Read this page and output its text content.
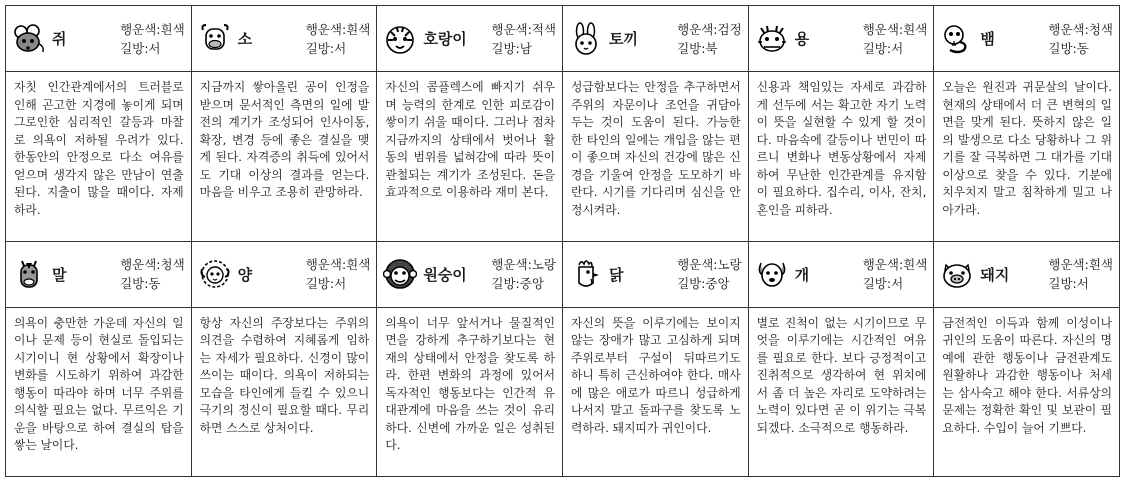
쥐
행운색:흰색
길방:서
자칫 인간관계에서의 트러블로 인해 곤고한 지경에 놓이게 되며 그로인한 심리적인 갈등과 마찰로 의욕이 저하될 우려가 있다. 한동안의 안정으로 다소 여유를 얻으며 생각지 않은 만남이 연출된다. 지출이 많을 때이다. 자제하라.
소
행운색:흰색
길방:서
지금까지 쌓아올린 공이 인정을 받으며 문서적인 측면의 일에 발전의 계기가 조성되어 인사이동, 확장, 변경 등에 좋은 결실을 맺게 된다. 자격증의 취득에 있어서도 기대 이상의 결과를 얻는다. 마음을 비우고 조용히 관망하라.
호랑이
행운색:적색
길방:남
자신의 콤플렉스에 빠지기 쉬우며 능력의 한계로 인한 피로감이 쌓이기 쉬울 때이다. 그러나 점차 지금까지의 상태에서 벗어나 활동의 범위를 넓혀감에 따라 뜻이 관철되는 계기가 조성된다. 돈을 효과적으로 이용하라 재미 본다.
토끼
행운색:검정
길방:북
성급함보다는 안정을 추구하면서 주위의 자문이나 조언을 귀담아 두는 것이 도움이 된다. 가능한 한 타인의 일에는 개입을 않는 편이 좋으며 자신의 건강에 많은 신경을 기울여 안정을 도모하기 바란다. 시기를 기다리며 심신을 안정시켜라.
용
행운색:흰색
길방:서
신용과 책임있는 자세로 과감하게 선두에 서는 확고한 자기 노력이 뜻을 실현할 수 있게 할 것이다. 마음속에 갈등이나 번민이 따르니 변화나 변동상황에서 자제하여 무난한 인간관계를 유지함이 필요하다. 집수리, 이사, 잔치, 혼인을 피하라.
뱀
행운색:청색
길방:동
오늘은 원진과 귀문살의 날이다. 현재의 상태에서 더 큰 변혁의 일면을 맞게 된다. 뜻하지 않은 일의 발생으로 다소 당황하나 그 위기를 잘 극복하면 그 대가를 기대 이상으로 찾을 수 있다. 기분에 치우치지 말고 침착하게 밀고 나아가라.
말
행운색:청색
길방:동
의욕이 충만한 가운데 자신의 일이나 문제 등이 현실로 돌입되는 시기이니 현 상황에서 확장이나 변화를 시도하기 위하여 과감한 행동이 따라야 하며 너무 주위를 의식할 필요는 없다. 무르익은 기운을 바탕으로 하여 결실의 탑을 쌓는 날이다.
양
행운색:흰색
길방:서
항상 자신의 주장보다는 주위의 의견을 수렴하여 지혜롭게 임하는 자세가 필요하다. 신경이 많이 쓰이는 때이다. 의욕이 저하되는 모습을 타인에게 들킬 수 있으니 극기의 정신이 필요할 때다. 무리하면 스스로 상처이다.
원숭이
행운색:노랑
길방:중앙
의욕이 너무 앞서거나 물질적인 면을 강하게 추구하기보다는 현재의 상태에서 안정을 찾도록 하라. 한편 변화의 과정에 있어서 독자적인 행동보다는 인간적 유대관계에 마음을 쓰는 것이 유리하다. 신변에 가까운 일은 성취된다.
닭
행운색:노랑
길방:중앙
자신의 뜻을 이루기에는 보이지 않는 장애가 많고 고심하게 되며 주위로부터 구설이 뒤따르기도 하니 특히 근신하여야 한다. 매사에 많은 애로가 따르니 성급하게 나서지 말고 돌파구를 찾도록 노력하라. 돼지띠가 귀인이다.
개
행운색:흰색
길방:서
별로 진척이 없는 시기이므로 무엇을 이루기에는 시간적인 여유를 필요로 한다. 보다 긍정적이고 진취적으로 생각하여 현 위치에서 좀 더 높은 자리로 도약하려는 노력이 있다면 곧 이 위기는 극복 되겠다. 소극적으로 행동하라.
돼지
행운색:흰색
길방:서
금전적인 이득과 함께 이성이나 귀인의 도움이 따른다. 자신의 명예에 관한 행동이나 금전관계도 원활하나 과감한 행동이나 처세는 삼사숙고 해야 한다. 서류상의 문제는 정확한 확인 및 보관이 필요하다. 수입이 늘어 기쁘다.
